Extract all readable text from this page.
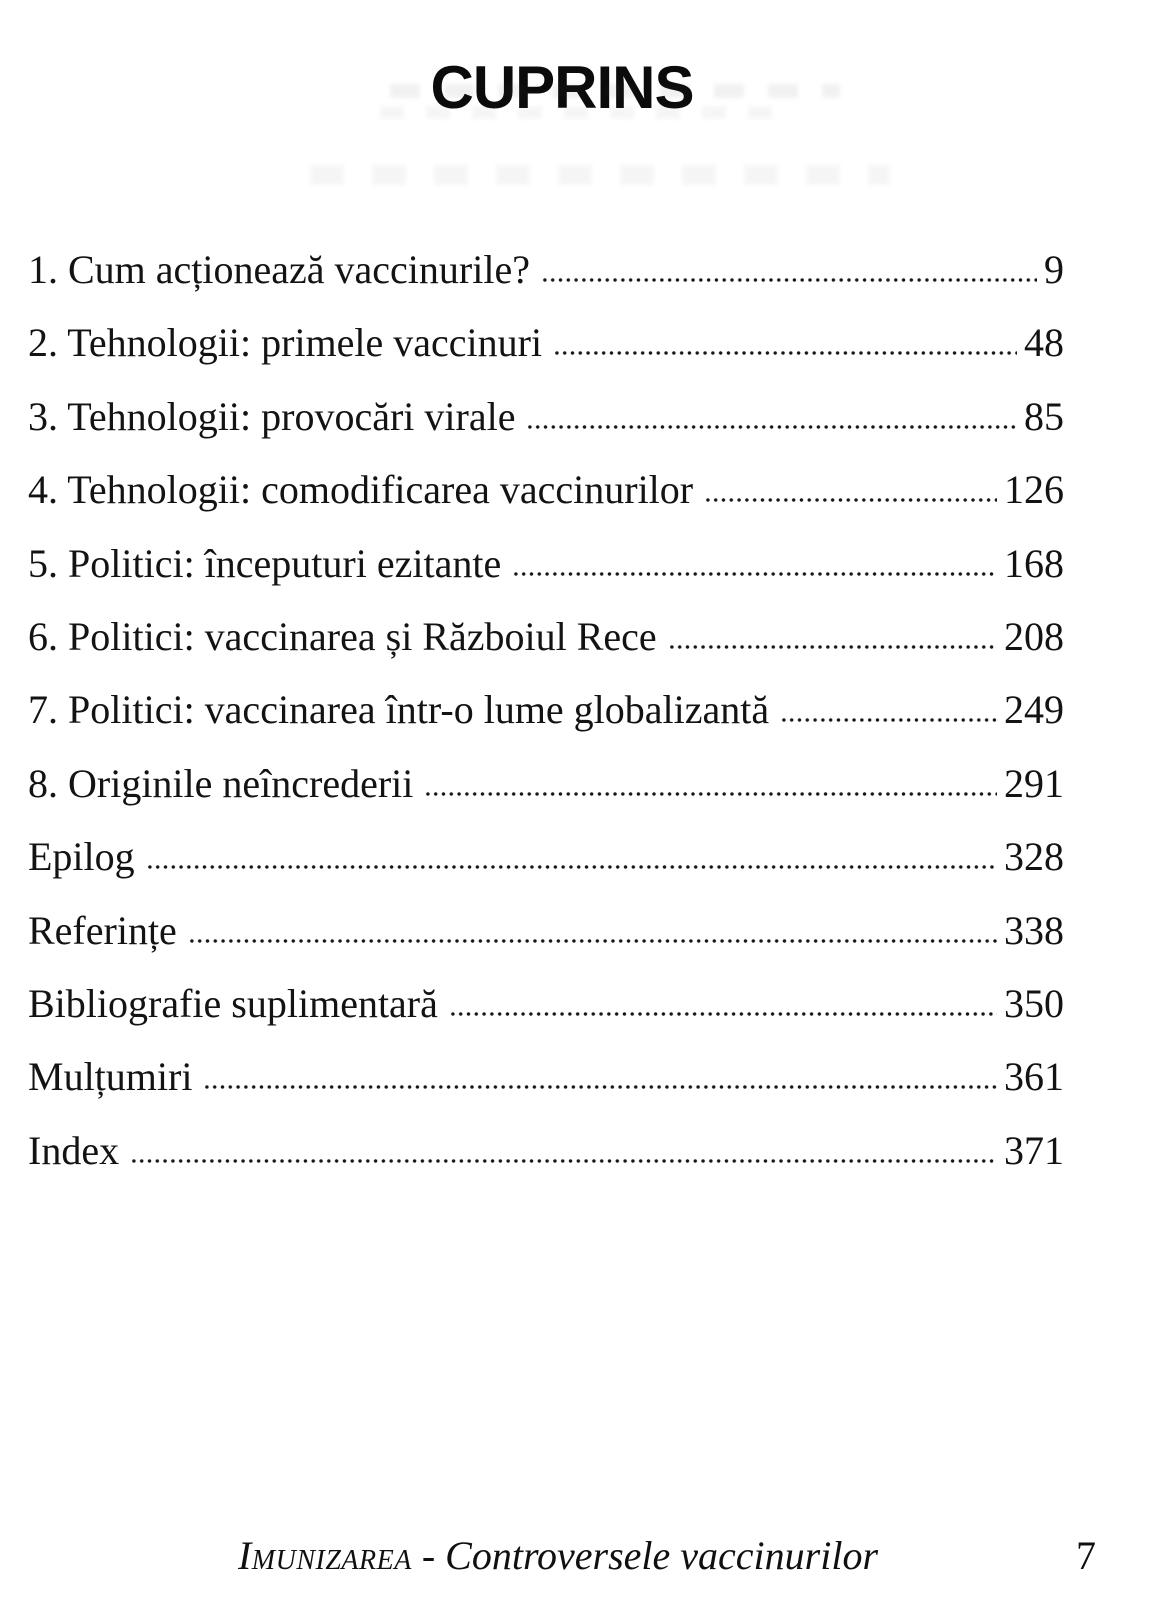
CUPRINS
1. Cum acționează vaccinurile?	9
2. Tehnologii: primele vaccinuri	48
3. Tehnologii: provocări virale	85
4. Tehnologii: comodificarea vaccinurilor	126
5. Politici: începuturi ezitante	168
6. Politici: vaccinarea și Războiul Rece	208
7. Politici: vaccinarea într-o lume globalizantă	249
8. Originile neîncrederii	291
Epilog	328
Referințe	338
Bibliografie suplimentară	350
Mulțumiri	361
Index	371
Imunizarea - Controversele vaccinurilor	7
